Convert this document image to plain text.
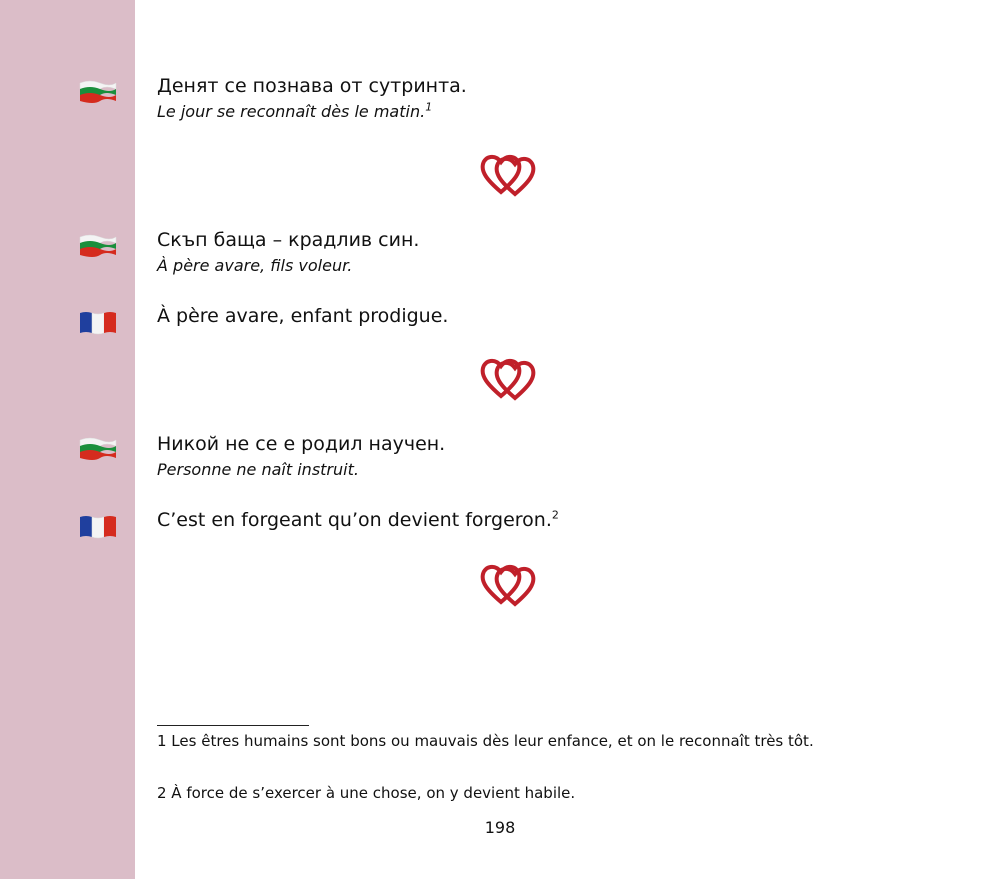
Денят се познава от сутринта.
Le jour se reconnaît dès le matin.$^1$
Скъп баща – крадлив син.
À père avare, fils voleur.
À père avare, enfant prodigue.
Никой не се е родил научен.
Personne ne naît instruit.
C’est en forgeant qu’on devient forgeron.$^2$
1 Les êtres humains sont bons ou mauvais dès leur enfance, et on le reconnaît très tôt.
2 À force de s’exercer à une chose, on y devient habile.
198
